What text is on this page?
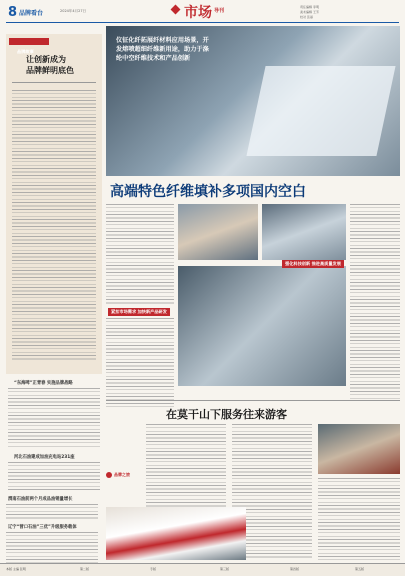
8 品牌看台	2024年4月27日	市场 导刊
责任编辑 李明
美术编辑 王芳
校对 张丽
品牌故事
让创新成为
品牌鲜明底色
“东海啤”正青春 实施品牌战略
河北石油建成加油充电站231座
渭南石油前两个月成品油销量增长
辽宁“营口石油”三优”升级服务载体
仪征化纤拓展纤材料应用场景，开发熔喷超细纤维新用途，助力于涤纶中空纤维技术和产品创新
高端特色纤维填补多项国内空白
紧扣市场需求 加快新产品研发
强化科技创新 推进高质量发展
在莫干山下服务往来游客
品牌之旅
本版 主编 张明	第二版	专版	第三版	第四版	第五版
